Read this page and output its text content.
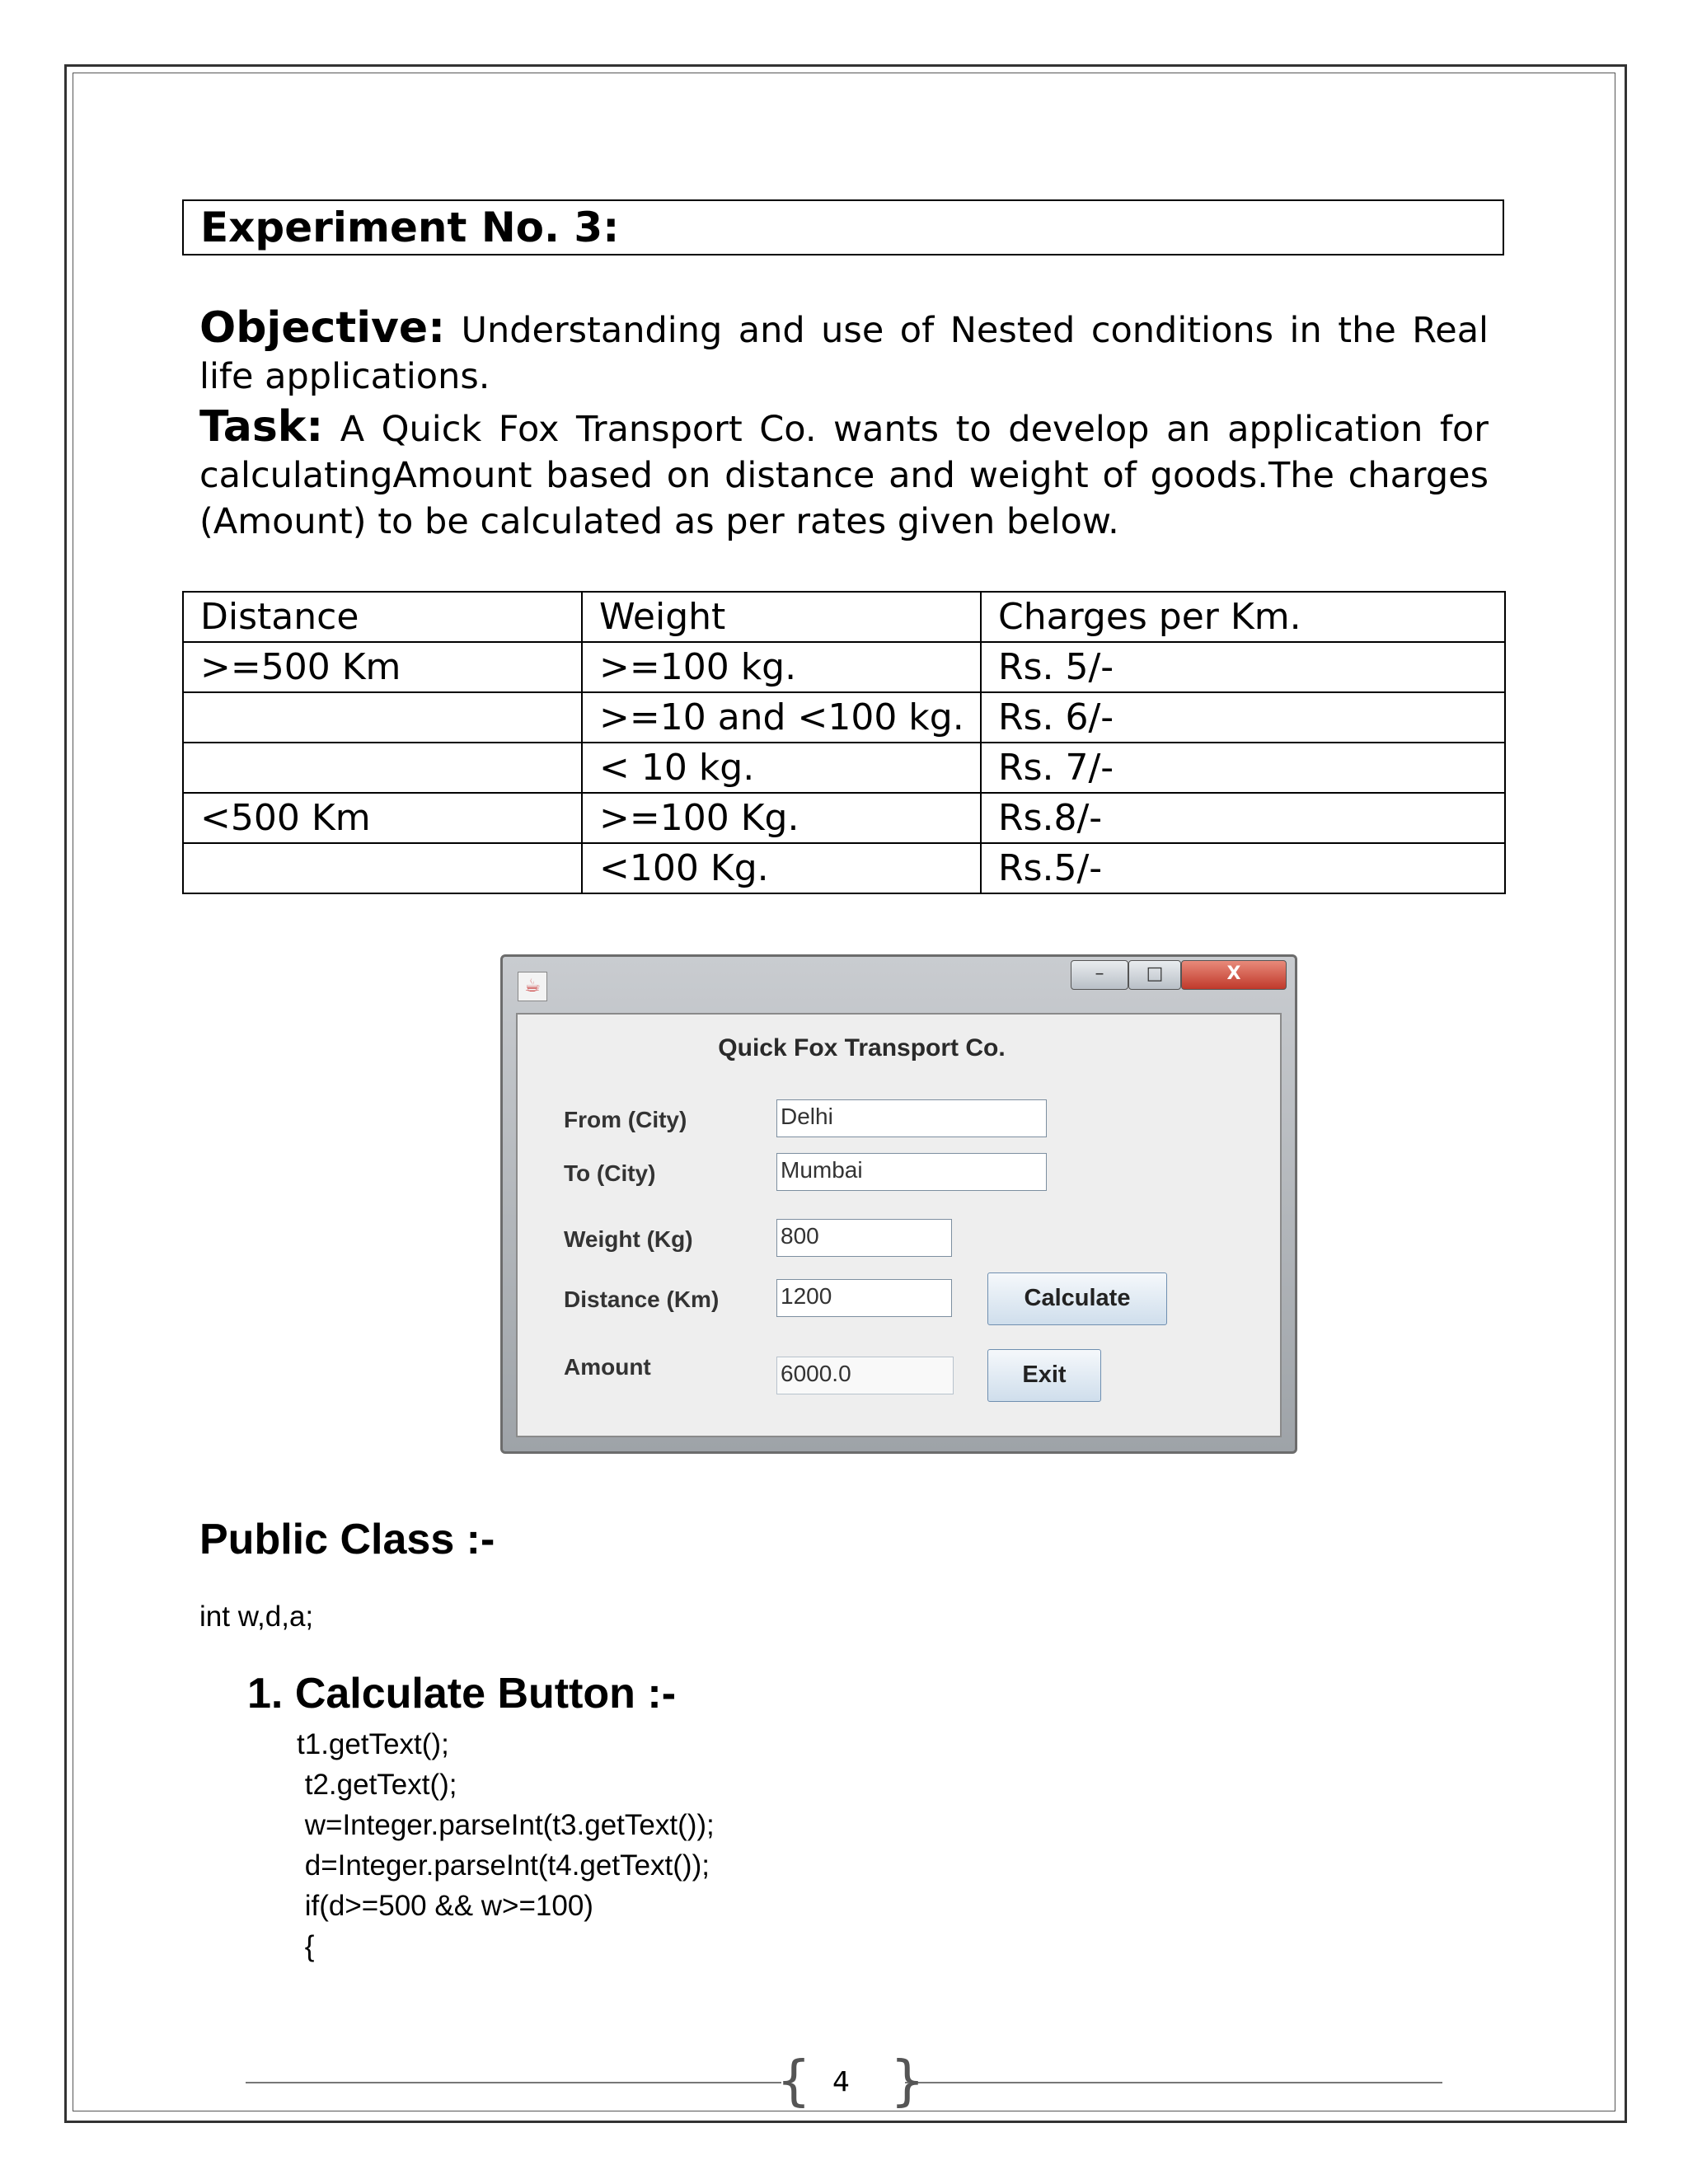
Experiment No. 3:
Objective: Understanding and use of Nested conditions in the Real life applications.
Task: A Quick Fox Transport Co. wants to develop an application for calculatingAmount based on distance and weight of goods.The charges (Amount) to be calculated as per rates given below.
Distance	Weight	Charges per Km.
>=500 Km	>=100 kg.	Rs. 5/-
	>=10 and <100 kg.	Rs. 6/-
	< 10 kg.	Rs. 7/-
<500 Km	>=100 Kg.	Rs.8/-
	<100 Kg.	Rs.5/-
☕
–	□	X
Quick Fox Transport Co.
From (City)	Delhi
To (City)	Mumbai
Weight (Kg)	800
Distance (Km)	1200
Amount	6000.0
Calculate
Exit
Public Class :-
int w,d,a;
1. Calculate Button :-
t1.getText();
t2.getText();
w=Integer.parseInt(t3.getText());
d=Integer.parseInt(t4.getText());
if(d>=500 && w>=100)
{
{ }
4
